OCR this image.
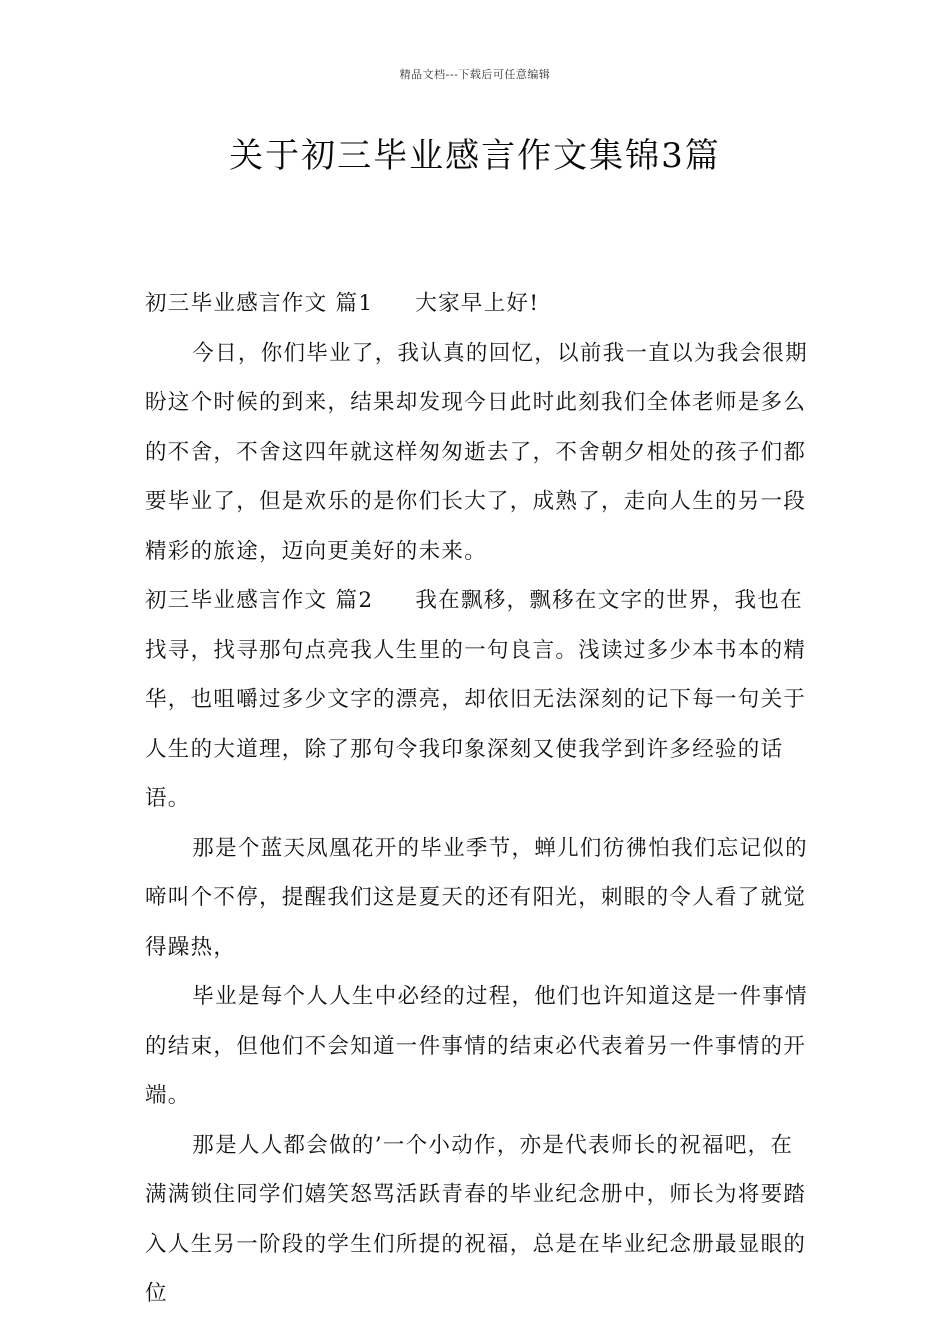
精品文档---下载后可任意编辑
关于初三毕业感言作文集锦3篇

初三毕业感言作文 篇1 大家早上好!

今日，你们毕业了，我认真的回忆，以前我一直以为我会很期盼这个时候的到来，结果却发现今日此时此刻我们全体老师是多么的不舍，不舍这四年就这样匆匆逝去了，不舍朝夕相处的孩子们都要毕业了，但是欢乐的是你们长大了，成熟了，走向人生的另一段精彩的旅途，迈向更美好的未来。

初三毕业感言作文 篇2 我在飘移，飘移在文字的世界，我也在找寻，找寻那句点亮我人生里的一句良言。浅读过多少本书本的精华，也咀嚼过多少文字的漂亮，却依旧无法深刻的记下每一句关于人生的大道理，除了那句令我印象深刻又使我学到许多经验的话语。

那是个蓝天凤凰花开的毕业季节，蝉儿们彷彿怕我们忘记似的啼叫个不停，提醒我们这是夏天的还有阳光，刺眼的令人看了就觉得躁热，

毕业是每个人人生中必经的过程，他们也许知道这是一件事情的结束，但他们不会知道一件事情的结束必代表着另一件事情的开端。

那是人人都会做的’一个小动作，亦是代表师长的祝福吧，在满满锁住同学们嬉笑怒骂活跃青春的毕业纪念册中，师长为将要踏入人生另一阶段的学生们所提的祝福，总是在毕业纪念册最显眼的位
